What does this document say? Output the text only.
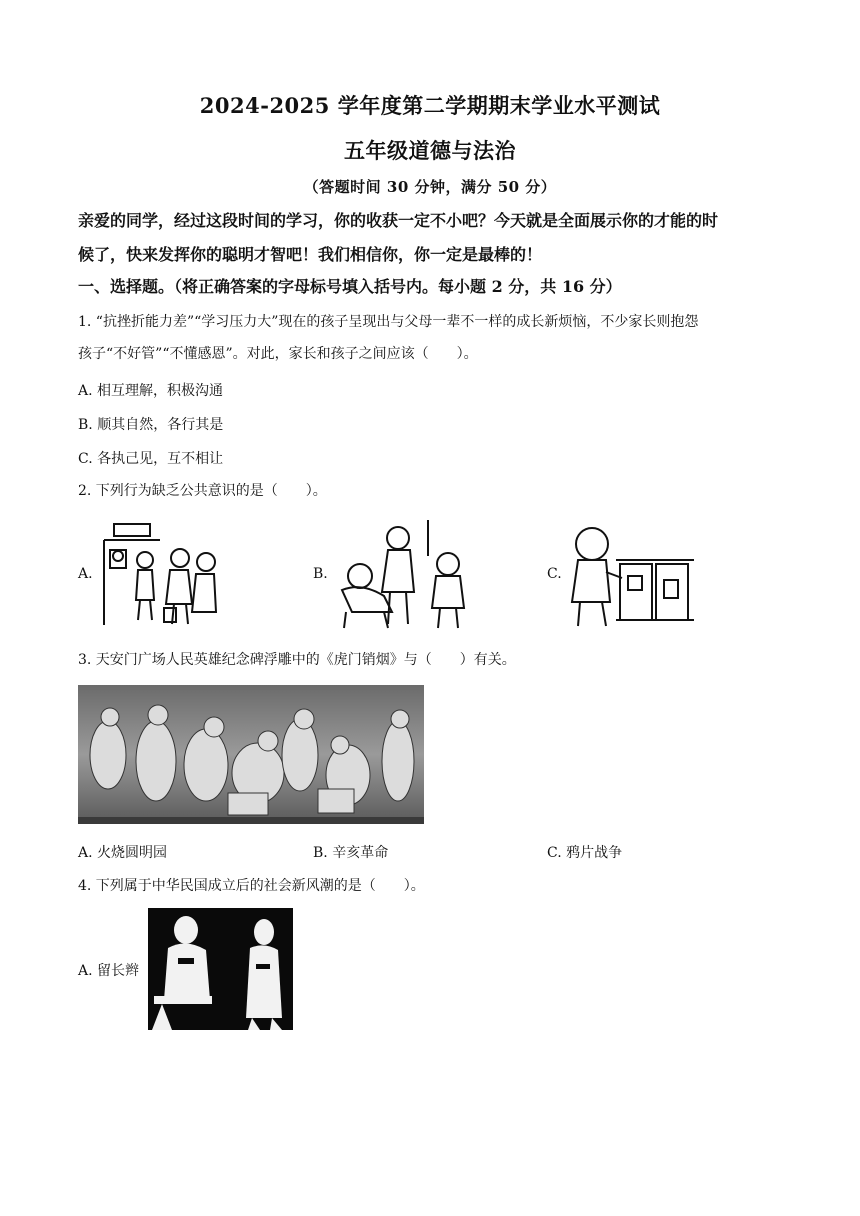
2024-2025 学年度第二学期期末学业水平测试
五年级道德与法治
（答题时间 30 分钟，满分 50 分）
亲爱的同学，经过这段时间的学习，你的收获一定不小吧？今天就是全面展示你的才能的时
候了，快来发挥你的聪明才智吧！我们相信你，你一定是最棒的！
一、选择题。（将正确答案的字母标号填入括号内。每小题 2 分，共 16 分）
1. “抗挫折能力差”“学习压力大”现在的孩子呈现出与父母一辈不一样的成长新烦恼，不少家长则抱怨
孩子“不好管”“不懂感恩”。对此，家长和孩子之间应该（　　）。
A. 相互理解，积极沟通
B. 顺其自然，各行其是
C. 各执己见，互不相让
2. 下列行为缺乏公共意识的是（　　）。
A.	B.	C.
3. 天安门广场人民英雄纪念碑浮雕中的《虎门销烟》与（　　）有关。
A. 火烧圆明园	B. 辛亥革命	C. 鸦片战争
4. 下列属于中华民国成立后的社会新风潮的是（　　）。
A. 留长辫
